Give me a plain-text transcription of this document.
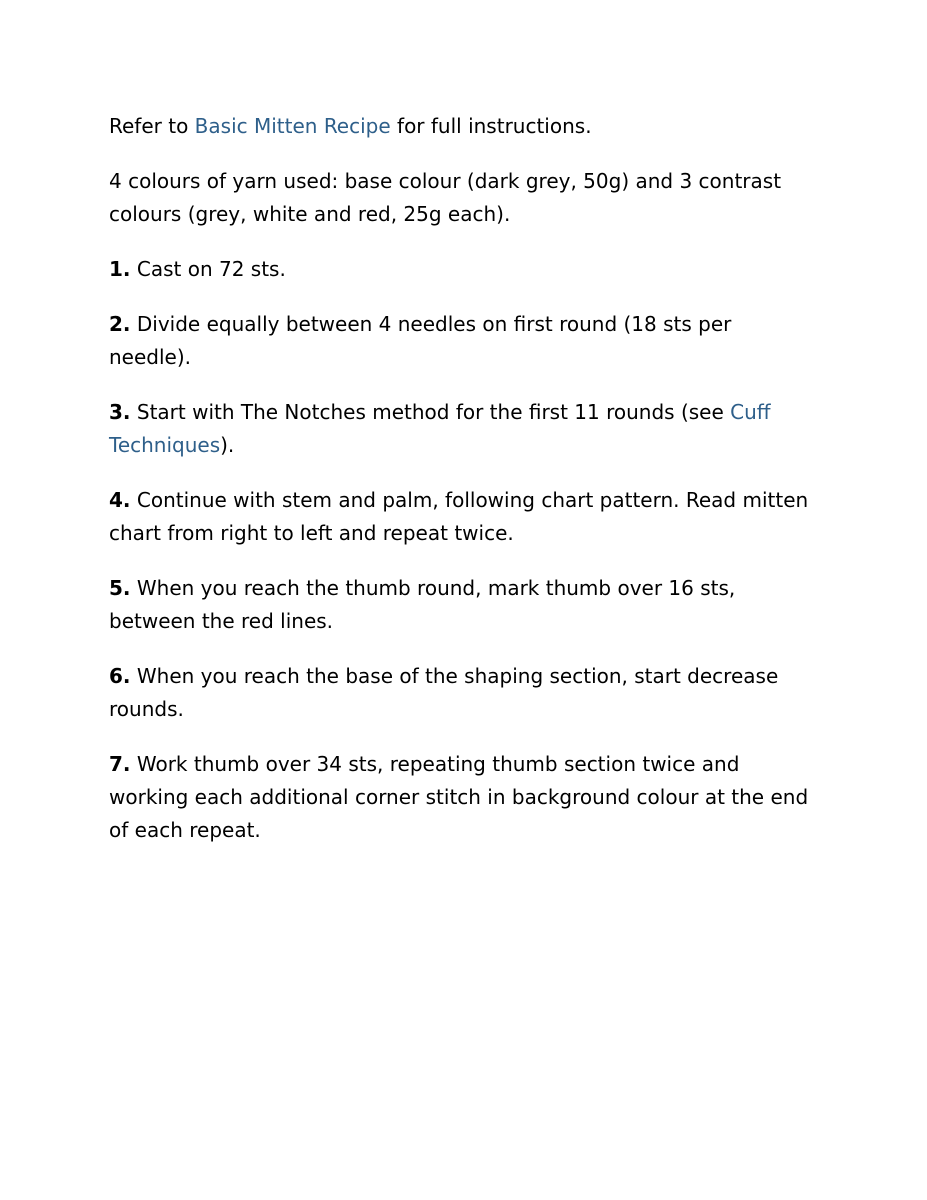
Refer to Basic Mitten Recipe for full instructions.

4 colours of yarn used: base colour (dark grey, 50g) and 3 contrast colours (grey, white and red, 25g each).

1. Cast on 72 sts.

2. Divide equally between 4 needles on first round (18 sts per needle).

3. Start with The Notches method for the first 11 rounds (see Cuff Techniques).

4. Continue with stem and palm, following chart pattern. Read mitten chart from right to left and repeat twice.

5. When you reach the thumb round, mark thumb over 16 sts, between the red lines.

6. When you reach the base of the shaping section, start decrease rounds.

7. Work thumb over 34 sts, repeating thumb section twice and working each additional corner stitch in background colour at the end of each repeat.
